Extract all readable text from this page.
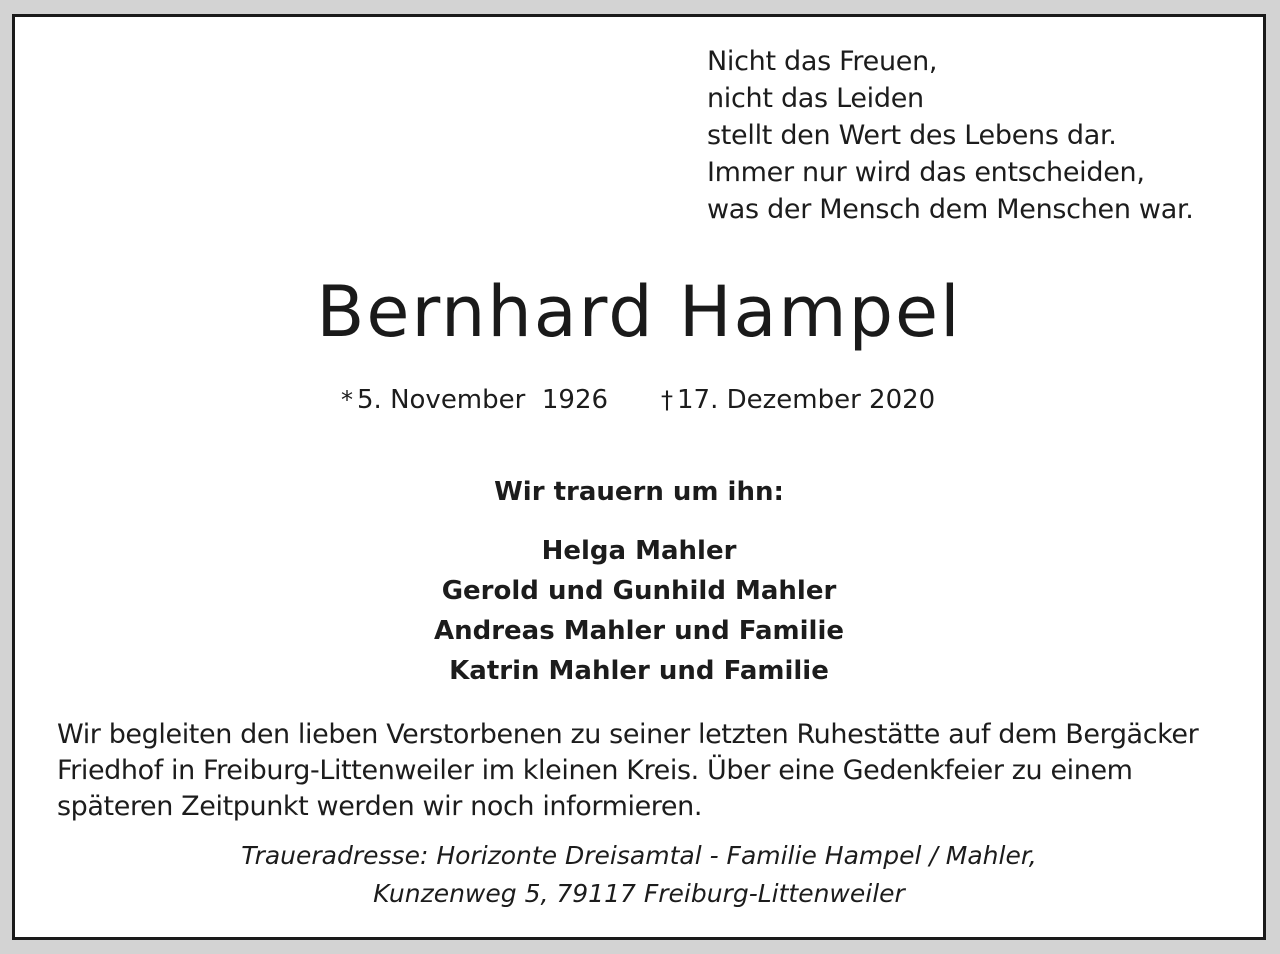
Nicht das Freuen,
nicht das Leiden
stellt den Wert des Lebens dar.
Immer nur wird das entscheiden,
was der Mensch dem Menschen war.
Bernhard Hampel
* 5. November  1926 † 17. Dezember 2020
Wir trauern um ihn:
Helga Mahler
Gerold und Gunhild Mahler
Andreas Mahler und Familie
Katrin Mahler und Familie
Wir begleiten den lieben Verstorbenen zu seiner letzten Ruhestätte auf dem Bergäcker Friedhof in Freiburg-Littenweiler im kleinen Kreis. Über eine Gedenkfeier zu einem späteren Zeitpunkt werden wir noch informieren.
Traueradresse: Horizonte Dreisamtal - Familie Hampel / Mahler,
Kunzenweg 5, 79117 Freiburg-Littenweiler
